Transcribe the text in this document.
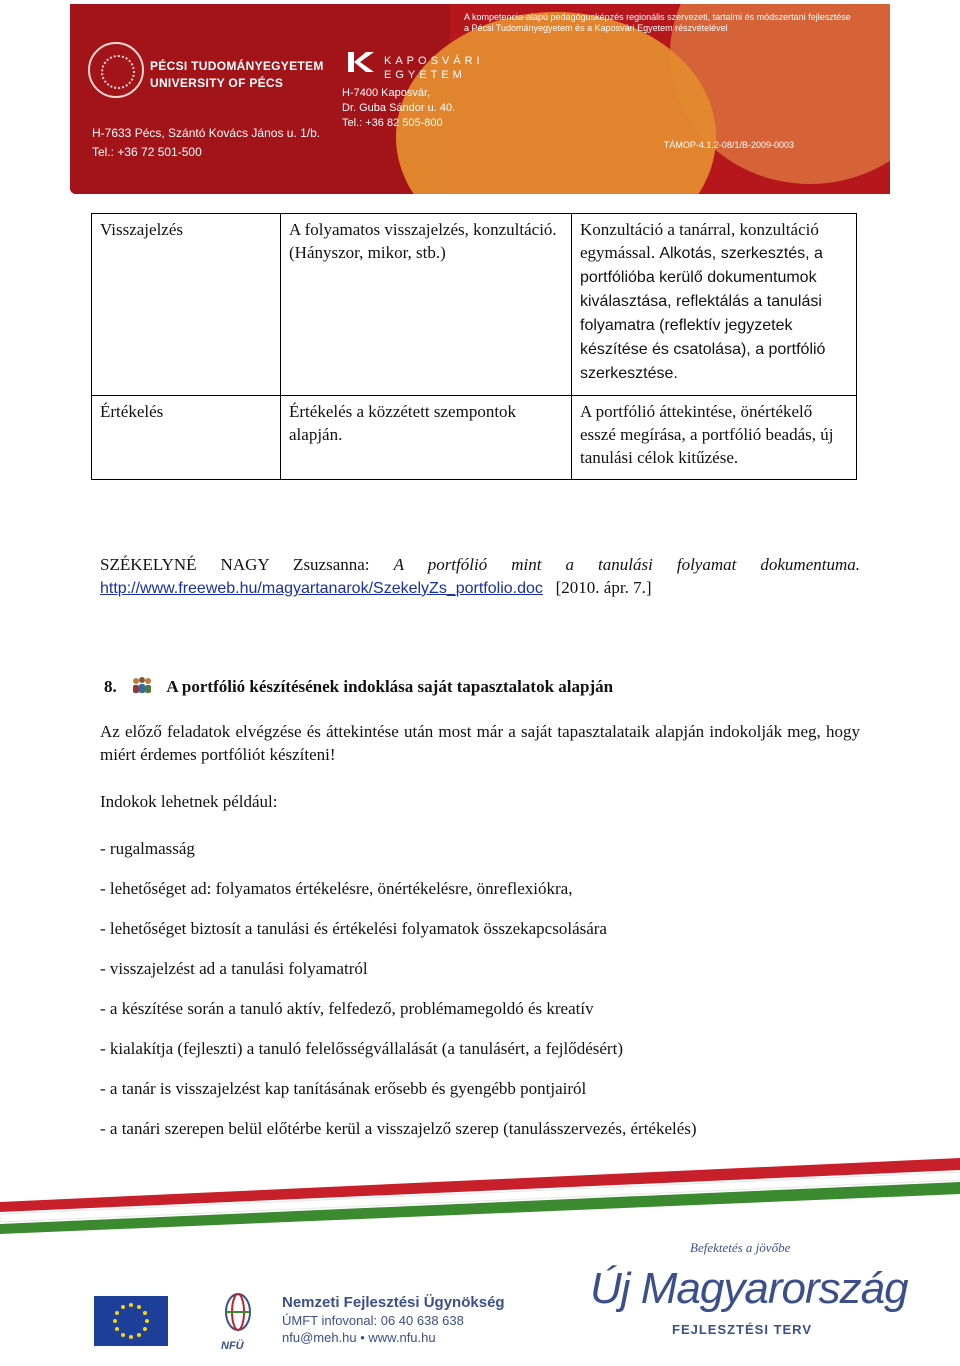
A kompetencia-alapú pedagógusképzés regionális szervezeti, tartalmi és módszertani fejlesztése
a Pécsi Tudományegyetem és a Kaposvári Egyetem részvételével
PÉCSI TUDOMÁNYEGYETEM
UNIVERSITY OF PÉCS
H-7633 Pécs, Szántó Kovács János u. 1/b.
Tel.: +36 72 501-500
KAPOSVÁRI
EGYETEM
H-7400 Kaposvár,
Dr. Guba Sándor u. 40.
Tel.: +36 82 505-800
TÁMOP-4.1.2-08/1/B-2009-0003
Visszajelzés	A folyamatos visszajelzés, konzultáció. (Hányszor, mikor, stb.)	Konzultáció a tanárral, konzultáció egymással. Alkotás, szerkesztés, a portfólióba kerülő dokumentumok kiválasztása, reflektálás a tanulási folyamatra (reflektív jegyzetek készítése és csatolása), a portfólió szerkesztése.
Értékelés	Értékelés a közzétett szempontok alapján.	A portfólió áttekintése, önértékelő esszé megírása, a portfólió beadás, új tanulási célok kitűzése.
SZÉKELYNÉ NAGY Zsuzsanna: A portfólió mint a tanulási folyamat dokumentuma. http://www.freeweb.hu/magyartanarok/SzekelyZs_portfolio.doc [2010. ápr. 7.]
8.	A portfólió készítésének indoklása saját tapasztalatok alapján
Az előző feladatok elvégzése és áttekintése után most már a saját tapasztalataik alapján indokolják meg, hogy miért érdemes portfóliót készíteni!
Indokok lehetnek például:
- rugalmasság
- lehetőséget ad: folyamatos értékelésre, önértékelésre, önreflexiókra,
- lehetőséget biztosít a tanulási és értékelési folyamatok összekapcsolására
- visszajelzést ad a tanulási folyamatról
- a készítése során a tanuló aktív, felfedező, problémamegoldó és kreatív
- kialakítja (fejleszti) a tanuló felelősségvállalását (a tanulásért, a fejlődésért)
- a tanár is visszajelzést kap tanításának erősebb és gyengébb pontjairól
- a tanári szerepen belül előtérbe kerül a visszajelző szerep (tanulásszervezés, értékelés)
NFÜ
Nemzeti Fejlesztési Ügynökség
ÚMFT infovonal: 06 40 638 638
nfu@meh.hu • www.nfu.hu
Befektetés a jövőbe
Új Magyarország
FEJLESZTÉSI TERV
